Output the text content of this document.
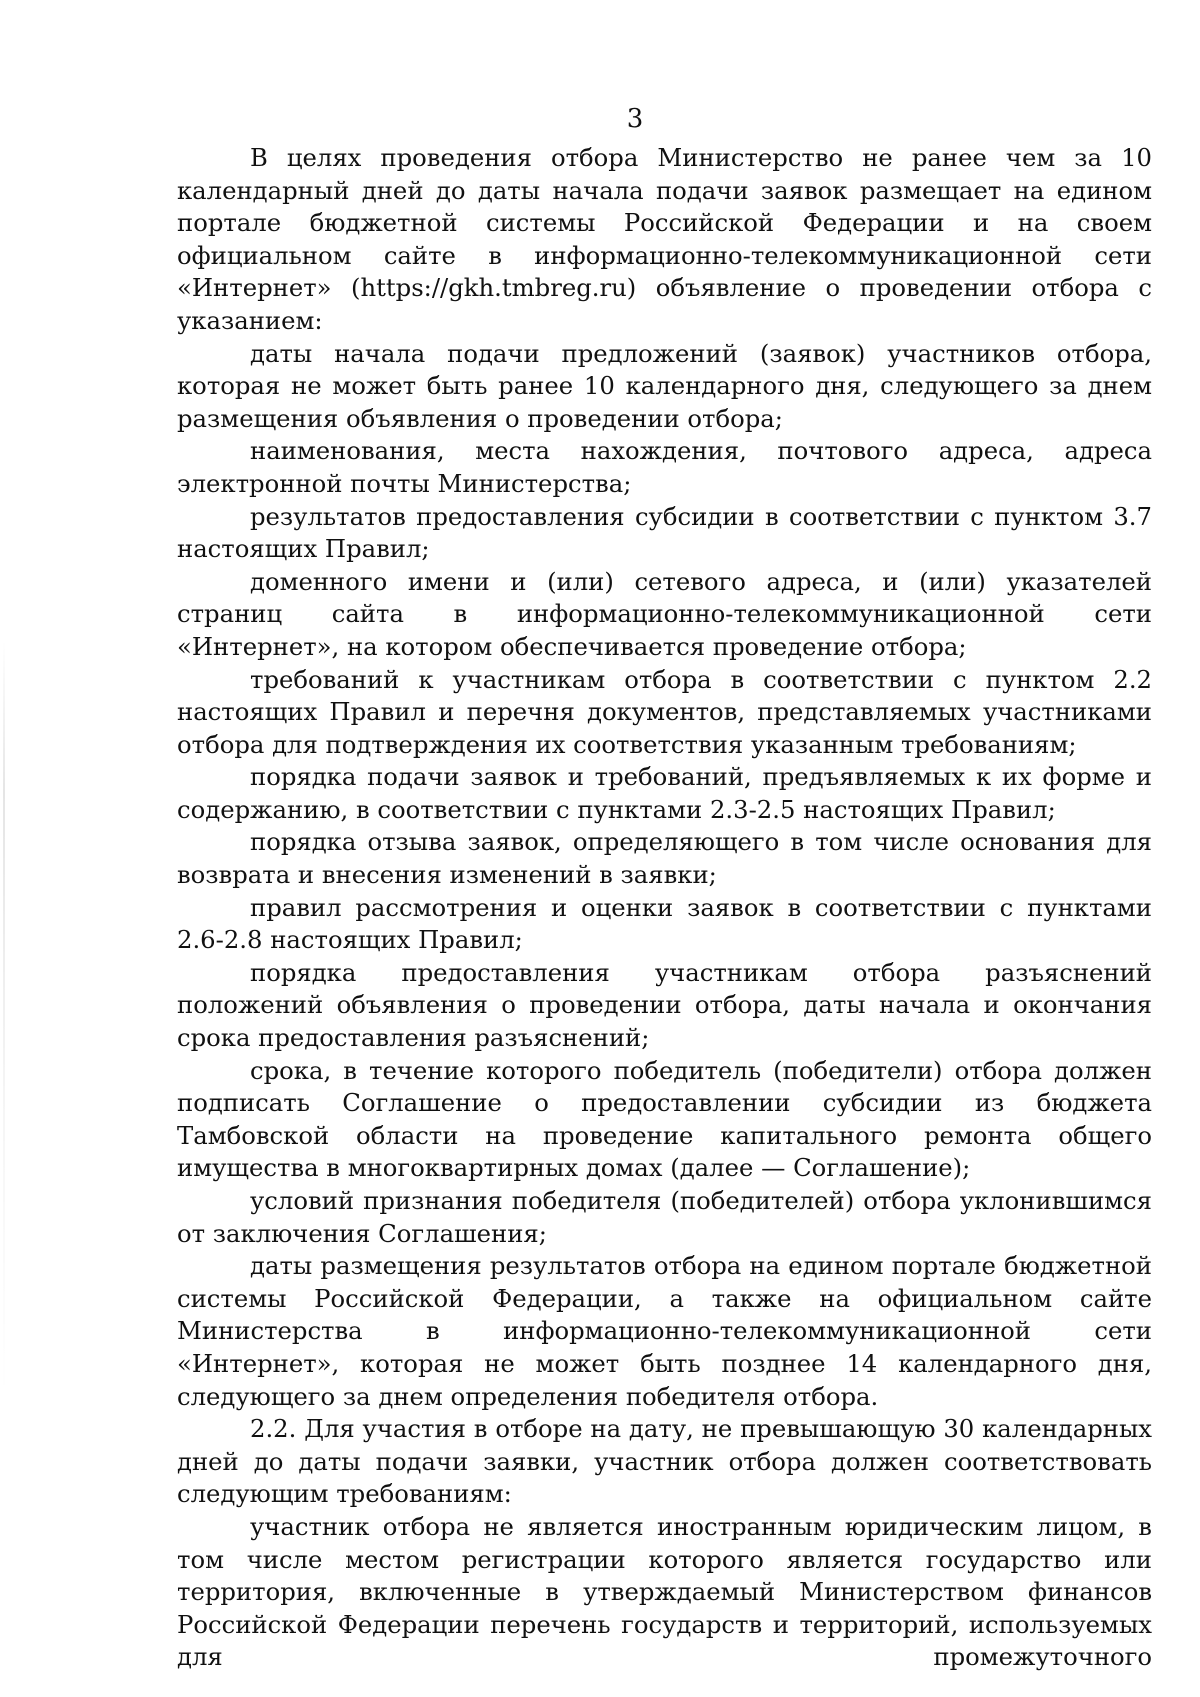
3

В целях проведения отбора Министерство не ранее чем за 10 календарный дней до даты начала подачи заявок размещает на едином портале бюджетной системы Российской Федерации и на своем официальном сайте в информационно-телекоммуникационной сети «Интернет» (https://gkh.tmbreg.ru) объявление о проведении отбора с указанием:

даты начала подачи предложений (заявок) участников отбора, которая не может быть ранее 10 календарного дня, следующего за днем размещения объявления о проведении отбора;

наименования, места нахождения, почтового адреса, адреса электронной почты Министерства;

результатов предоставления субсидии в соответствии с пунктом 3.7 настоящих Правил;

доменного имени и (или) сетевого адреса, и (или) указателей страниц сайта в информационно-телекоммуникационной сети «Интернет», на котором обеспечивается проведение отбора;

требований к участникам отбора в соответствии с пунктом 2.2 настоящих Правил и перечня документов, представляемых участниками отбора для подтверждения их соответствия указанным требованиям;

порядка подачи заявок и требований, предъявляемых к их форме и содержанию, в соответствии с пунктами 2.3-2.5 настоящих Правил;

порядка отзыва заявок, определяющего в том числе основания для возврата и внесения изменений в заявки;

правил рассмотрения и оценки заявок в соответствии с пунктами 2.6-2.8 настоящих Правил;

порядка предоставления участникам отбора разъяснений положений объявления о проведении отбора, даты начала и окончания срока предоставления разъяснений;

срока, в течение которого победитель (победители) отбора должен подписать Соглашение о предоставлении субсидии из бюджета Тамбовской области на проведение капитального ремонта общего имущества в многоквартирных домах (далее — Соглашение);

условий признания победителя (победителей) отбора уклонившимся от заключения Соглашения;

даты размещения результатов отбора на едином портале бюджетной системы Российской Федерации, а также на официальном сайте Министерства в информационно-телекоммуникационной сети «Интернет», которая не может быть позднее 14 календарного дня, следующего за днем определения победителя отбора.

2.2. Для участия в отборе на дату, не превышающую 30 календарных дней до даты подачи заявки, участник отбора должен соответствовать следующим требованиям:

участник отбора не является иностранным юридическим лицом, в том числе местом регистрации которого является государство или территория, включенные в утверждаемый Министерством финансов Российской Федерации перечень государств и территорий, используемых для промежуточного
